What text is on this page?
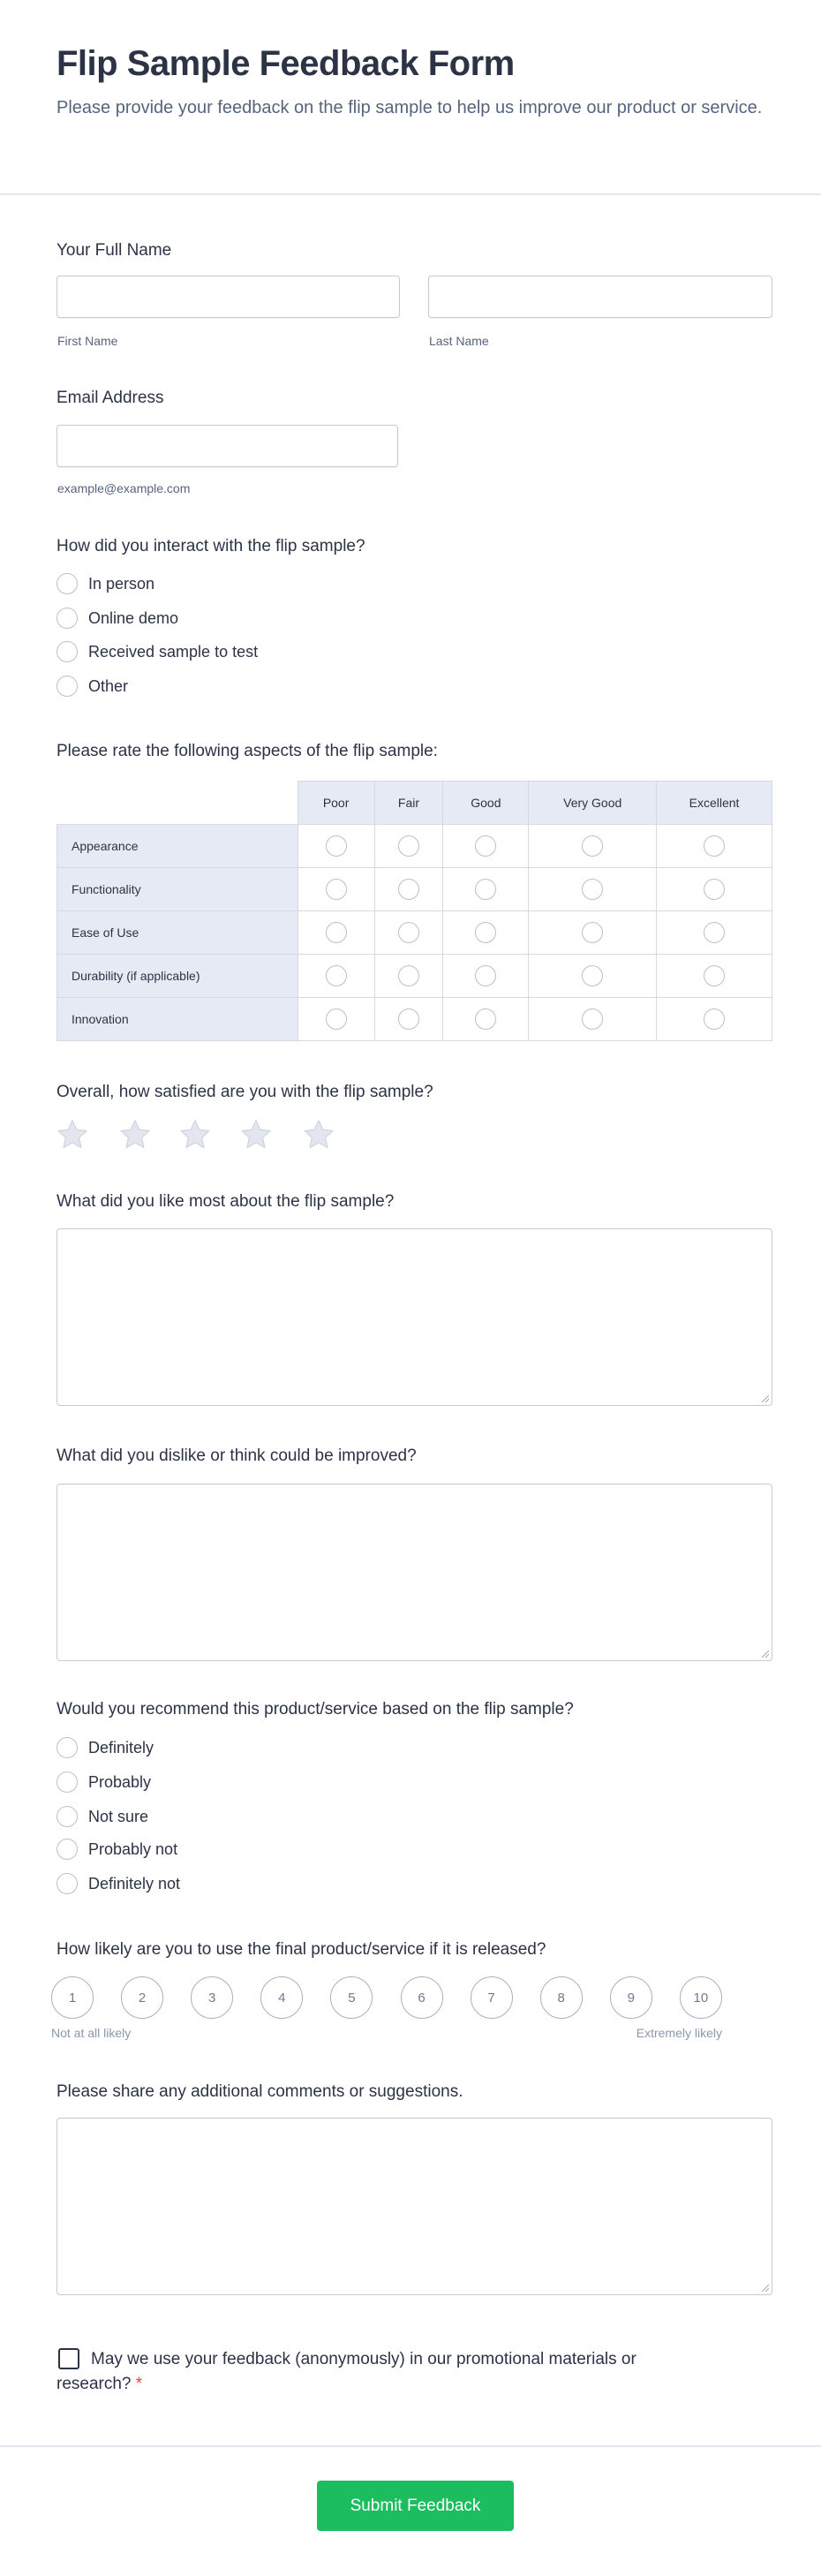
Flip Sample Feedback Form

Please provide your feedback on the flip sample to help us improve our product or service.

Your Full Name
First Name	Last Name
Email Address
example@example.com
How did you interact with the flip sample?
In person
Online demo
Received sample to test
Other
Please rate the following aspects of the flip sample:
	Poor	Fair	Good	Very Good	Excellent
Appearance					
Functionality					
Ease of Use					
Durability (if applicable)					
Innovation					
Overall, how satisfied are you with the flip sample?
What did you like most about the flip sample?
What did you dislike or think could be improved?
Would you recommend this product/service based on the flip sample?
Definitely
Probably
Not sure
Probably not
Definitely not
How likely are you to use the final product/service if it is released?
1	2	3	4	5	6	7	8	9	10
Not at all likely	Extremely likely
Please share any additional comments or suggestions.
May we use your feedback (anonymously) in our promotional materials or research? *
Submit Feedback
